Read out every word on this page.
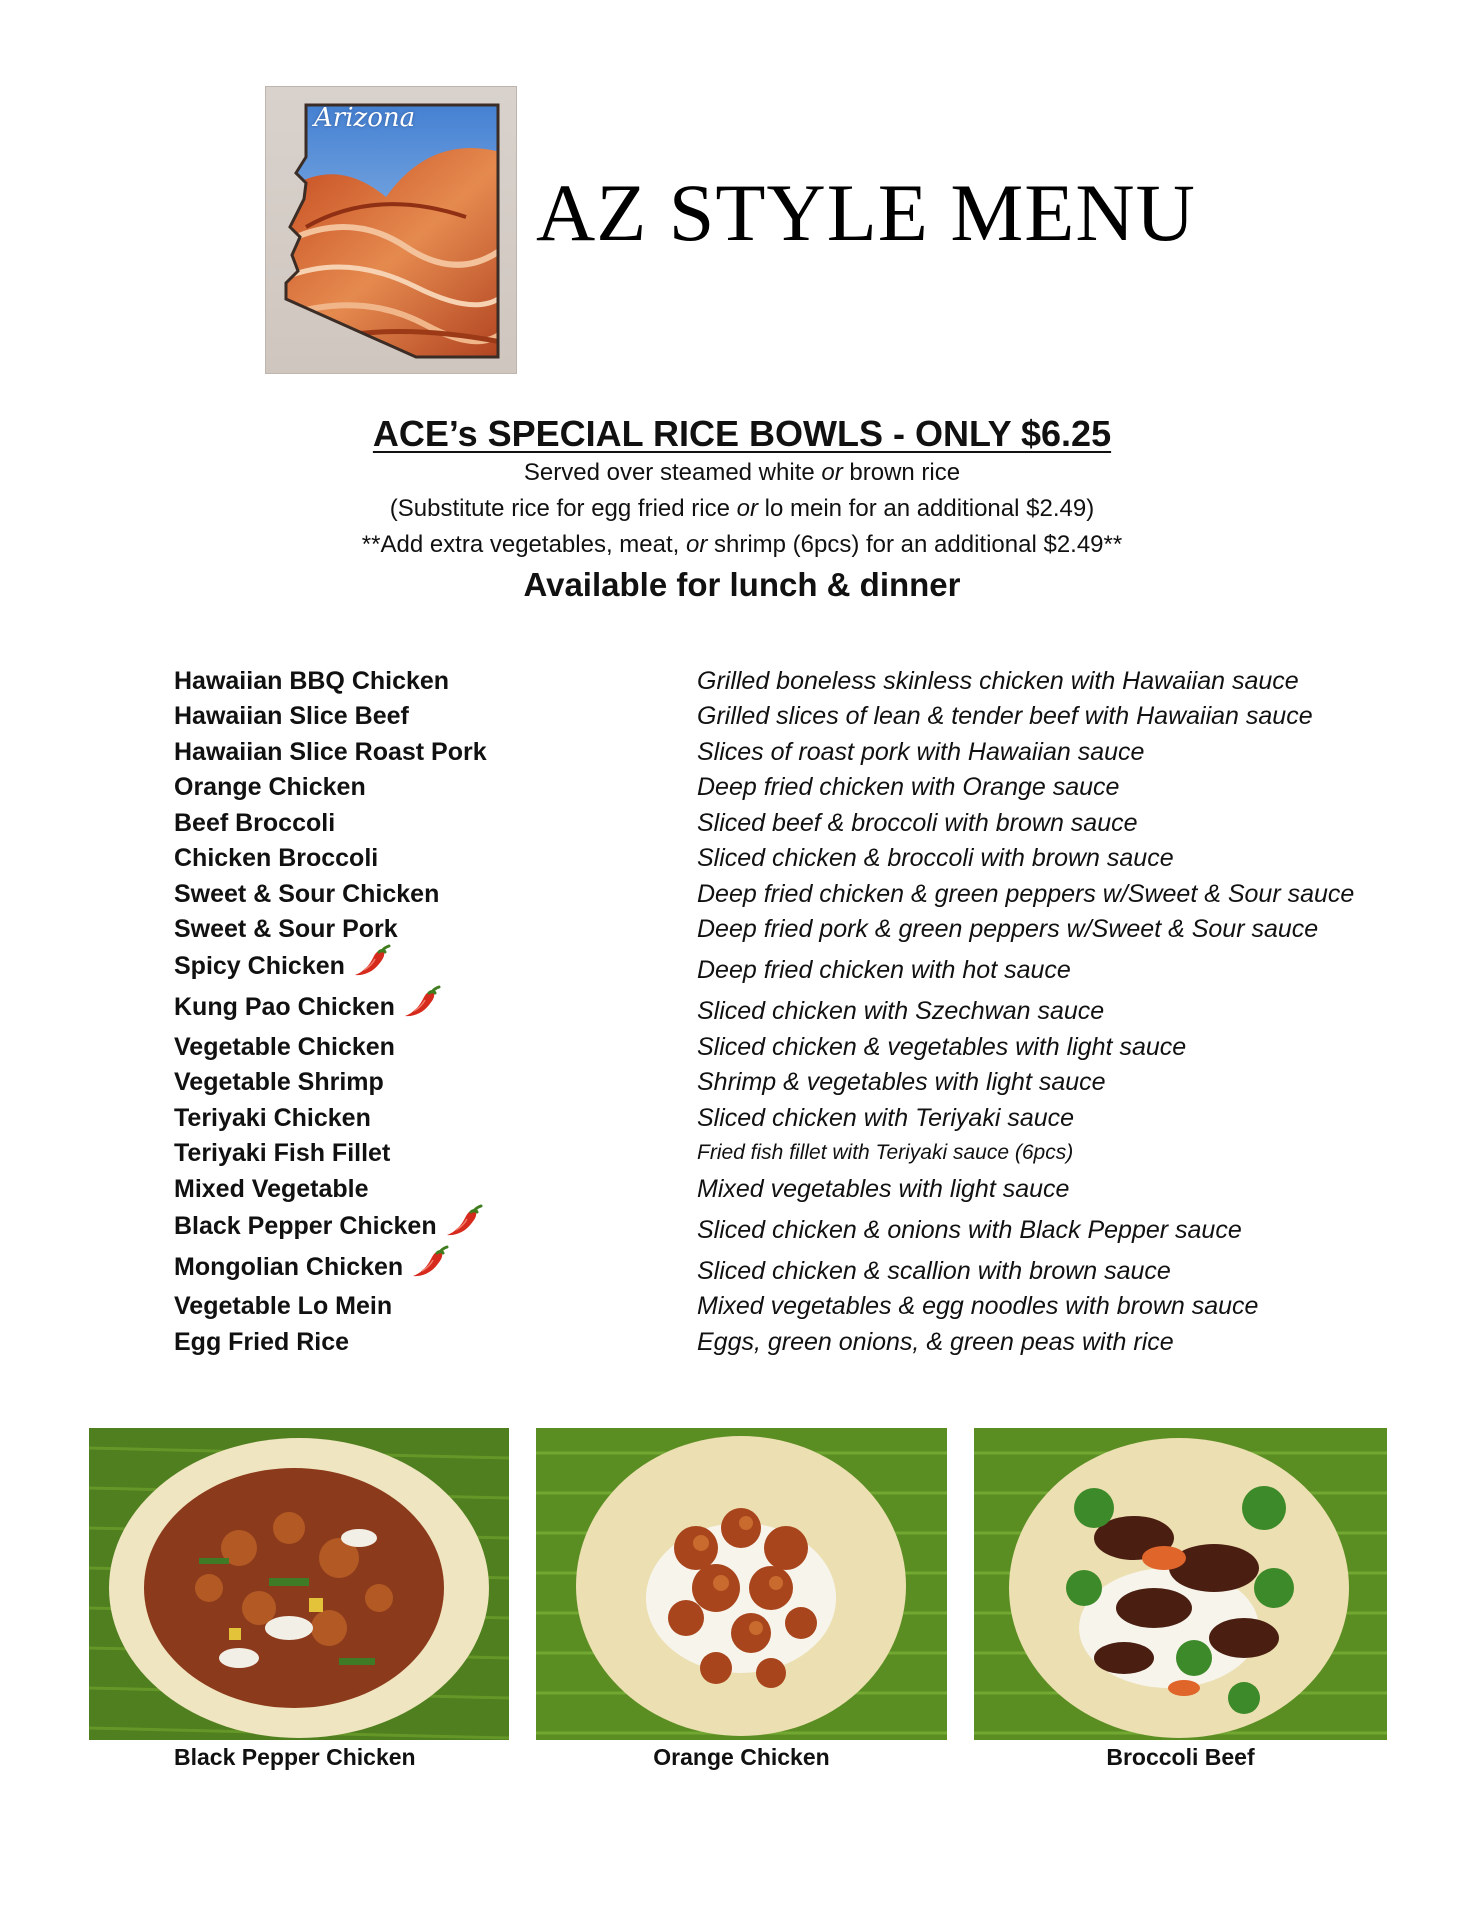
Arizona
AZ STYLE MENU

ACE’s SPECIAL RICE BOWLS - ONLY $6.25

Served over steamed white or brown rice

(Substitute rice for egg fried rice or lo mein for an additional $2.49)

**Add extra vegetables, meat, or shrimp (6pcs) for an additional $2.49**

Available for lunch & dinner

Hawaiian BBQ Chicken	Grilled boneless skinless chicken with Hawaiian sauce
Hawaiian Slice Beef	Grilled slices of lean & tender beef with Hawaiian sauce
Hawaiian Slice Roast Pork	Slices of roast pork with Hawaiian sauce
Orange Chicken	Deep fried chicken with Orange sauce
Beef Broccoli	Sliced beef & broccoli with brown sauce
Chicken Broccoli	Sliced chicken & broccoli with brown sauce
Sweet & Sour Chicken	Deep fried chicken & green peppers w/Sweet & Sour sauce
Sweet & Sour Pork	Deep fried pork & green peppers w/Sweet & Sour sauce
Spicy Chicken	Deep fried chicken with hot sauce
Kung Pao Chicken	Sliced chicken with Szechwan sauce
Vegetable Chicken	Sliced chicken & vegetables with light sauce
Vegetable Shrimp	Shrimp & vegetables with light sauce
Teriyaki Chicken	Sliced chicken with Teriyaki sauce
Teriyaki Fish Fillet	Fried fish fillet with Teriyaki sauce (6pcs)
Mixed Vegetable	Mixed vegetables with light sauce
Black Pepper Chicken	Sliced chicken & onions with Black Pepper sauce
Mongolian Chicken	Sliced chicken & scallion with brown sauce
Vegetable Lo Mein	Mixed vegetables & egg noodles with brown sauce
Egg Fried Rice	Eggs, green onions, & green peas with rice
Black Pepper Chicken	Orange Chicken	Broccoli Beef
